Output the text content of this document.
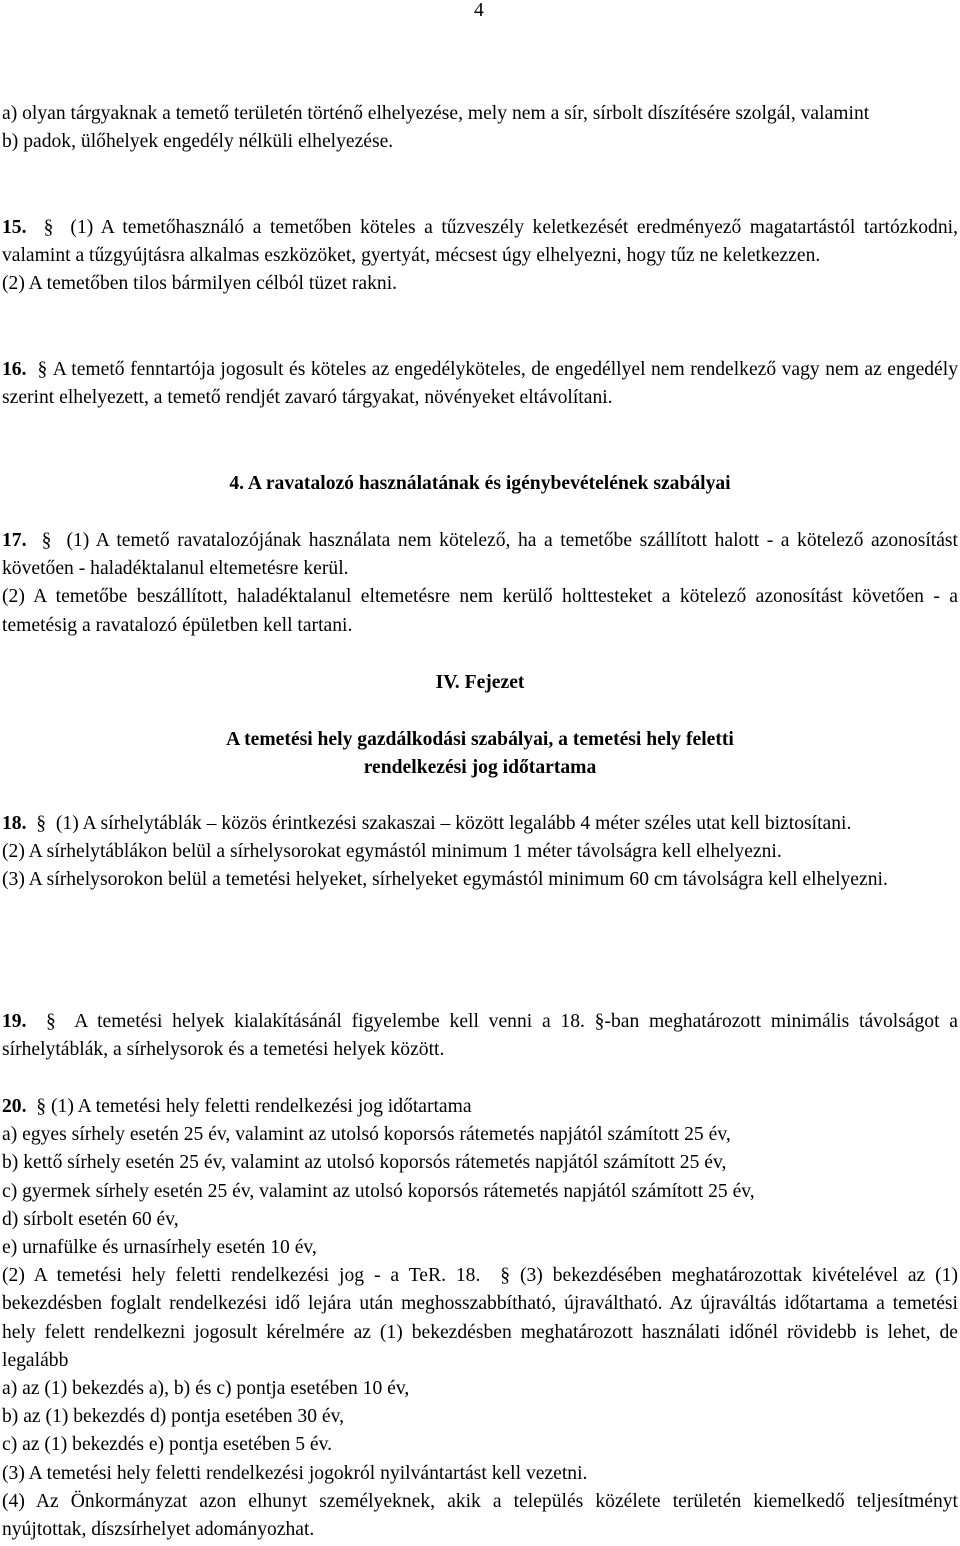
4

a) olyan tárgyaknak a temető területén történő elhelyezése, mely nem a sír, sírbolt díszítésére szolgál, valamint

b) padok, ülőhelyek engedély nélküli elhelyezése.

15. § (1) A temetőhasználó a temetőben köteles a tűzveszély keletkezését eredményező magatartástól tartózkodni, valamint a tűzgyújtásra alkalmas eszközöket, gyertyát, mécsest úgy elhelyezni, hogy tűz ne keletkezzen.

(2) A temetőben tilos bármilyen célból tüzet rakni.

16. § A temető fenntartója jogosult és köteles az engedélyköteles, de engedéllyel nem rendelkező vagy nem az engedély szerint elhelyezett, a temető rendjét zavaró tárgyakat, növényeket eltávolítani.

4. A ravatalozó használatának és igénybevételének szabályai

17. § (1) A temető ravatalozójának használata nem kötelező, ha a temetőbe szállított halott - a kötelező azonosítást követően - haladéktalanul eltemetésre kerül.

(2) A temetőbe beszállított, haladéktalanul eltemetésre nem kerülő holttesteket a kötelező azonosítást követően - a temetésig a ravatalozó épületben kell tartani.

IV. Fejezet
A temetési hely gazdálkodási szabályai, a temetési hely feletti
rendelkezési jog időtartama

18. § (1) A sírhelytáblák – közös érintkezési szakaszai – között legalább 4 méter széles utat kell biztosítani.

(2) A sírhelytáblákon belül a sírhelysorokat egymástól minimum 1 méter távolságra kell elhelyezni.

(3) A sírhelysorokon belül a temetési helyeket, sírhelyeket egymástól minimum 60 cm távolságra kell elhelyezni.

19. § A temetési helyek kialakításánál figyelembe kell venni a 18. §-ban meghatározott minimális távolságot a sírhelytáblák, a sírhelysorok és a temetési helyek között.

20. § (1) A temetési hely feletti rendelkezési jog időtartama

a) egyes sírhely esetén 25 év, valamint az utolsó koporsós rátemetés napjától számított 25 év,

b) kettő sírhely esetén 25 év, valamint az utolsó koporsós rátemetés napjától számított 25 év,

c) gyermek sírhely esetén 25 év, valamint az utolsó koporsós rátemetés napjától számított 25 év,

d) sírbolt esetén 60 év,

e) urnafülke és urnasírhely esetén 10 év,

(2) A temetési hely feletti rendelkezési jog - a TeR. 18. § (3) bekezdésében meghatározottak kivételével az (1) bekezdésben foglalt rendelkezési idő lejára után meghosszabbítható, újraváltható. Az újraváltás időtartama a temetési hely felett rendelkezni jogosult kérelmére az (1) bekezdésben meghatározott használati időnél rövidebb is lehet, de legalább

a) az (1) bekezdés a), b) és c) pontja esetében 10 év,

b) az (1) bekezdés d) pontja esetében 30 év,

c) az (1) bekezdés e) pontja esetében 5 év.

(3) A temetési hely feletti rendelkezési jogokról nyilvántartást kell vezetni.

(4) Az Önkormányzat azon elhunyt személyeknek, akik a település közélete területén kiemelkedő teljesítményt nyújtottak, díszsírhelyet adományozhat.
